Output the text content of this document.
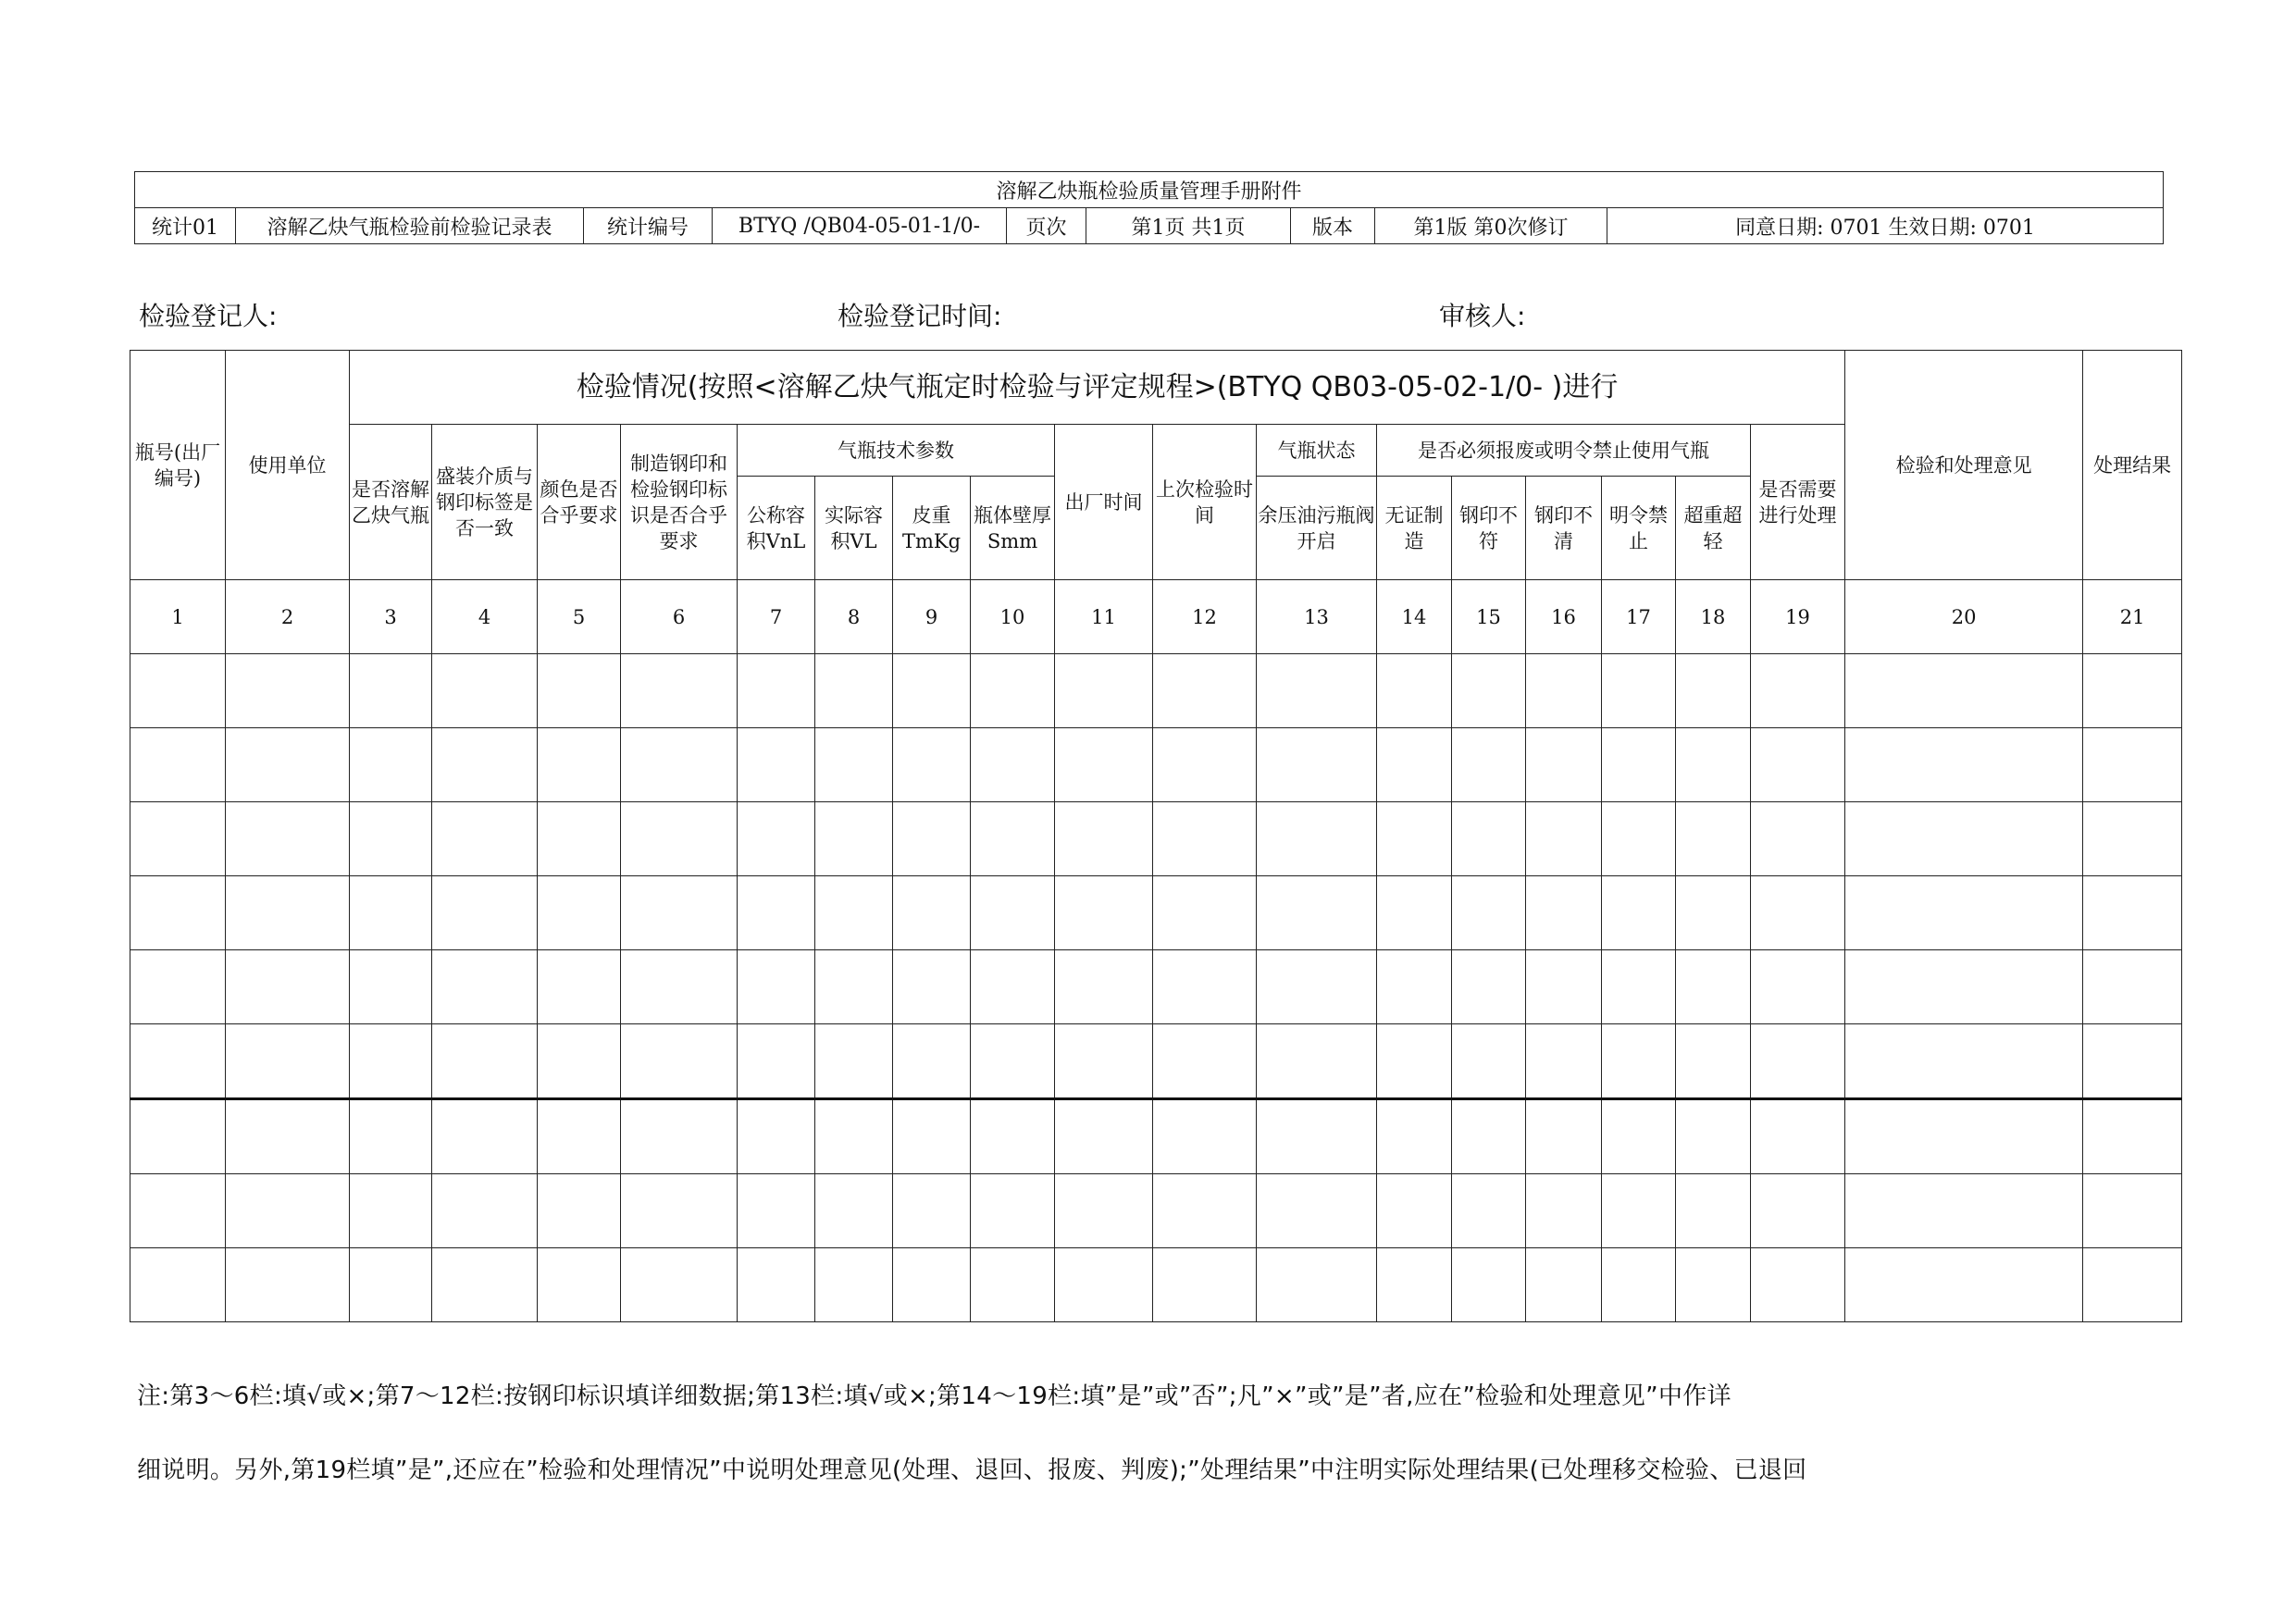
溶解乙炔瓶检验质量管理手册附件
统计01	溶解乙炔气瓶检验前检验记录表	统计编号	BTYQ /QB04-05-01-1/0-	页次	第1页 共1页	版本	第1版 第0次修订	同意日期: 0701 生效日期: 0701
检验登记人:	检验登记时间:	审核人:
瓶号(出厂编号)	使用单位	检验情况(按照<溶解乙炔气瓶定时检验与评定规程>(BTYQ QB03-05-02-1/0- )进行																	检验和处理意见	处理结果
		是否溶解乙炔气瓶	盛装介质与钢印标签是否一致	颜色是否合乎要求	制造钢印和检验钢印标识是否合乎要求	气瓶技术参数				出厂时间	上次检验时间	气瓶状态	是否必须报废或明令禁止使用气瓶					是否需要进行处理		
						公称容积VnL	实际容积VL	皮重TmKg	瓶体壁厚Smm			余压油污瓶阀开启	无证制造	钢印不符	钢印不清	明令禁止	超重超轻			
1	2	3	4	5	6	7	8	9	10	11	12	13	14	15	16	17	18	19	20	21

注:第3～6栏:填√或×;第7～12栏:按钢印标识填详细数据;第13栏:填√或×;第14～19栏:填”是”或”否”;凡”×”或”是”者,应在”检验和处理意见”中作详
细说明。另外,第19栏填”是”,还应在”检验和处理情况”中说明处理意见(处理、退回、报废、判废);”处理结果”中注明实际处理结果(已处理移交检验、已退回
